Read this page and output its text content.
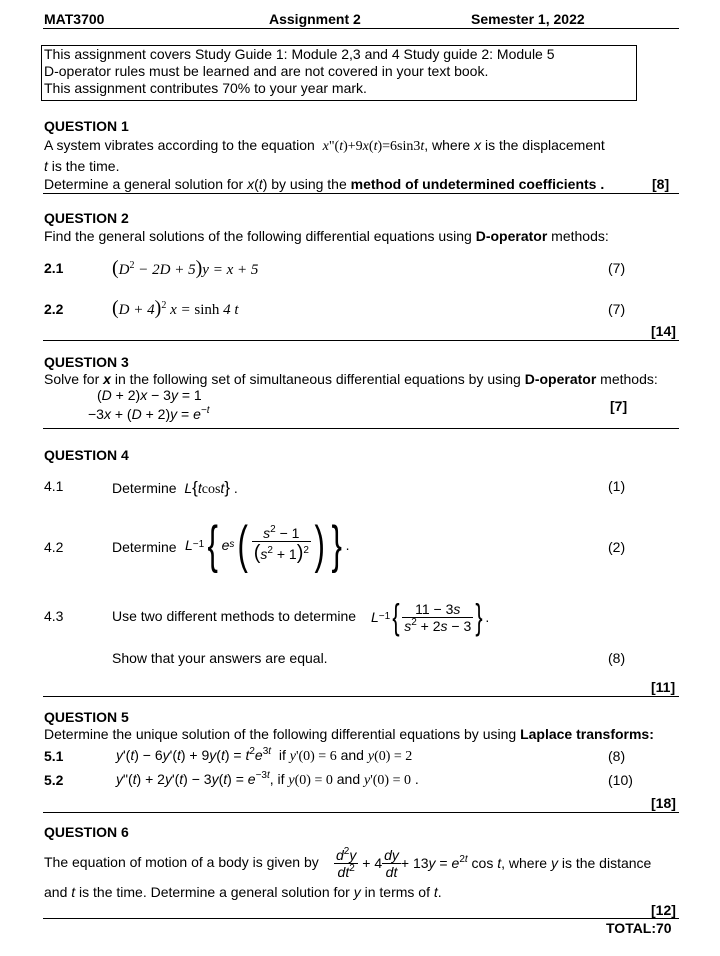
MAT3700	Assignment 2	Semester 1, 2022
This assignment covers Study Guide 1: Module 2,3 and 4 Study guide 2: Module 5
D-operator rules must be learned and are not covered in your text book.
This assignment contributes 70% to your year mark.
QUESTION 1
A system vibrates according to the equation x"(t)+9x(t)=6sin3t, where x is the displacement
t is the time.
Determine a general solution for x(t) by using the method of undetermined coefficients .	[8]
QUESTION 2
Find the general solutions of the following differential equations using D-operator methods:
2.1 $(D^2 - 2D + 5)y = x + 5$	(7)
2.2 $(D + 4)^2$ x = sinh 4 t	(7)
[14]
QUESTION 3
Solve for x in the following set of simultaneous differential equations by using D-operator methods:
(D + 2)x − 3y = 1
$-3x + (D + 2)y = e^{-t}$	[7]
QUESTION 4
4.1	Determine L{tcost} .	(1)
4.2	Determine L −1 { e s ( $\frac{s^2 - 1}{(s^2 + 1)^2}$ ) } .	(2)
4.3	Use two different methods to determine L −1 { $\frac{11 - 3s}{s^2 + 2s - 3}$ } .
Show that your answers are equal.	(8)
[11]
QUESTION 5
Determine the unique solution of the following differential equations by using Laplace transforms:
5.1	$y'(t) - 6y'(t) + 9y(t) = t^2e^{3t}$  if y'(0) = 6 and y(0) = 2	(8)
5.2	y"(t) + $2y'(t) - 3y(t) = e^{-3t}$, if y(0) = 0 and y'(0) = 0 .	(10)
[18]
QUESTION 6
The equation of motion of a body is given by $\frac{d^2y}{dt^2} + 4 \frac{dy}{dt} + 13y = e^{2t}$ cos t , where
y
is the distance
and t is the time. Determine a general solution for y in terms of t.
[12]
TOTAL:70
